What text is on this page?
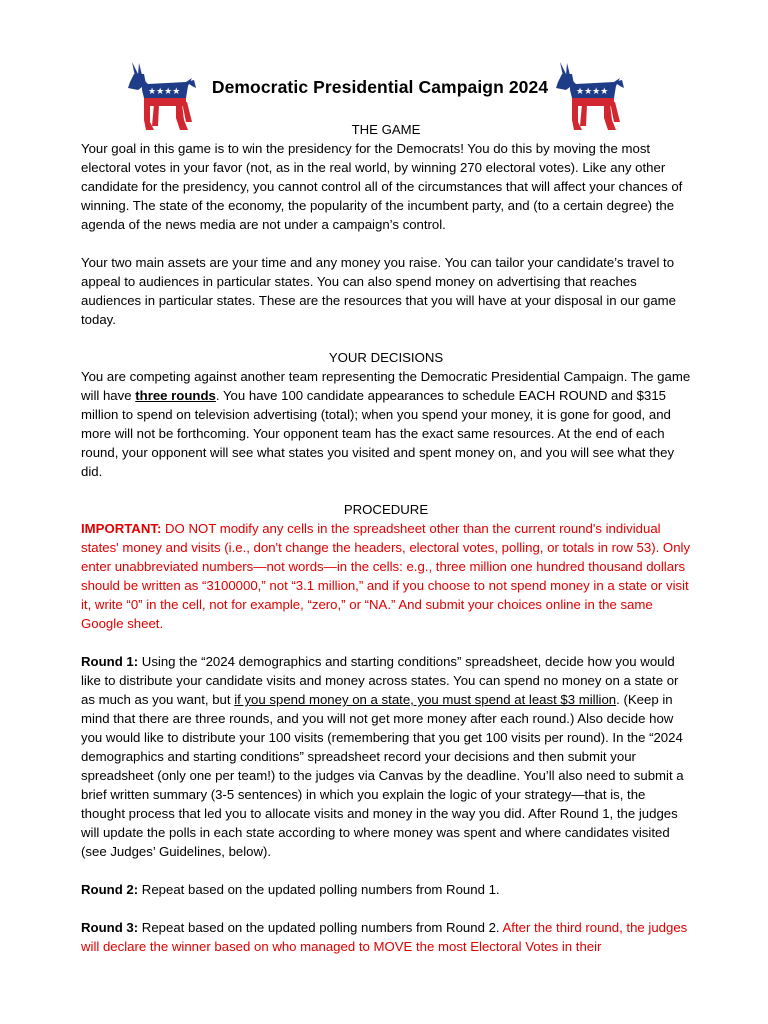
★★★★	★★★★
Democratic Presidential Campaign 2024

THE GAME

Your goal in this game is to win the presidency for the Democrats! You do this by moving the most electoral votes in your favor (not, as in the real world, by winning 270 electoral votes). Like any other candidate for the presidency, you cannot control all of the circumstances that will affect your chances of winning. The state of the economy, the popularity of the incumbent party, and (to a certain degree) the agenda of the news media are not under a campaign’s control.

Your two main assets are your time and any money you raise. You can tailor your candidate’s travel to appeal to audiences in particular states. You can also spend money on advertising that reaches audiences in particular states. These are the resources that you will have at your disposal in our game today.

YOUR DECISIONS

You are competing against another team representing the Democratic Presidential Campaign. The game will have three rounds. You have 100 candidate appearances to schedule EACH ROUND and $315 million to spend on television advertising (total); when you spend your money, it is gone for good, and more will not be forthcoming. Your opponent team has the exact same resources. At the end of each round, your opponent will see what states you visited and spent money on, and you will see what they did.

PROCEDURE

IMPORTANT: DO NOT modify any cells in the spreadsheet other than the current round's individual states' money and visits (i.e., don't change the headers, electoral votes, polling, or totals in row 53). Only enter unabbreviated numbers—not words—in the cells: e.g., three million one hundred thousand dollars should be written as “3100000,” not “3.1 million,” and if you choose to not spend money in a state or visit it, write “0” in the cell, not for example, “zero,” or “NA.” And submit your choices online in the same Google sheet.

Round 1: Using the “2024 demographics and starting conditions” spreadsheet, decide how you would like to distribute your candidate visits and money across states. You can spend no money on a state or as much as you want, but if you spend money on a state, you must spend at least $3 million. (Keep in mind that there are three rounds, and you will not get more money after each round.) Also decide how you would like to distribute your 100 visits (remembering that you get 100 visits per round). In the “2024 demographics and starting conditions” spreadsheet record your decisions and then submit your spreadsheet (only one per team!) to the judges via Canvas by the deadline. You’ll also need to submit a brief written summary (3-5 sentences) in which you explain the logic of your strategy—that is, the thought process that led you to allocate visits and money in the way you did. After Round 1, the judges will update the polls in each state according to where money was spent and where candidates visited (see Judges’ Guidelines, below).

Round 2: Repeat based on the updated polling numbers from Round 1.

Round 3: Repeat based on the updated polling numbers from Round 2. After the third round, the judges will declare the winner based on who managed to MOVE the most Electoral Votes in their
